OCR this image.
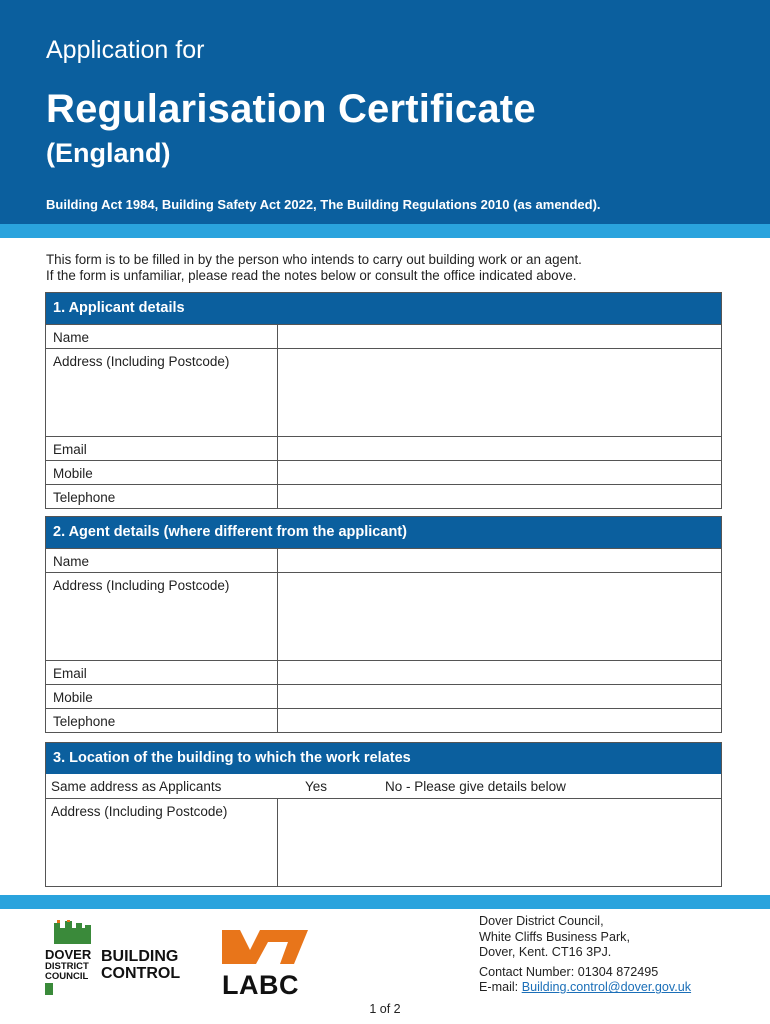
Application for
Regularisation Certificate
(England)
Building Act 1984, Building Safety Act 2022, The Building Regulations 2010 (as amended).
This form is to be filled in by the person who intends to carry out building work or an agent.
If the form is unfamiliar, please read the notes below or consult the office indicated above.
1. Applicant details
Name
Address (Including Postcode)
Email
Mobile
Telephone
2. Agent details (where different from the applicant)
Name
Address (Including Postcode)
Email
Mobile
Telephone
3. Location of the building to which the work relates
Same address as Applicants	Yes	No - Please give details below
Address (Including Postcode)
DOVER
DISTRICT
COUNCIL
BUILDING
CONTROL LABC
Dover District Council,
White Cliffs Business Park,
Dover, Kent. CT16 3PJ.
Contact Number: 01304 872495
E-mail: Building.control@dover.gov.uk
1 of 2
